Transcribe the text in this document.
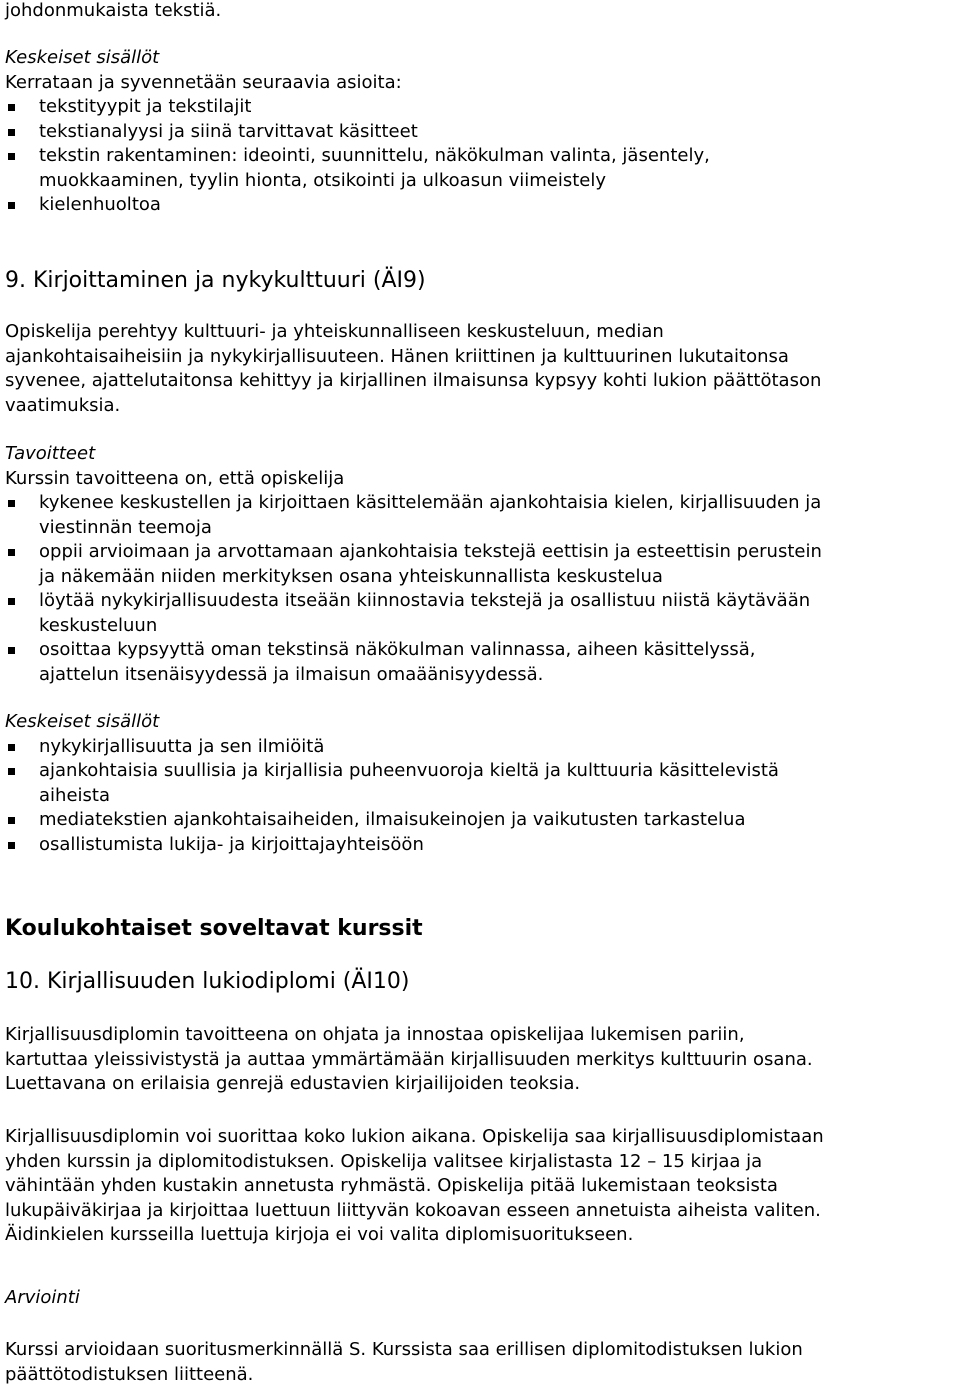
johdonmukaista tekstiä.
Keskeiset sisällöt
Kerrataan ja syvennetään seuraavia asioita:
tekstityypit ja tekstilajit
tekstianalyysi ja siinä tarvittavat käsitteet
tekstin rakentaminen: ideointi, suunnittelu, näkökulman valinta, jäsentely,
muokkaaminen, tyylin hionta, otsikointi ja ulkoasun viimeistely
kielenhuoltoa
9. Kirjoittaminen ja nykykulttuuri (ÄI9)
Opiskelija perehtyy kulttuuri- ja yhteiskunnalliseen keskusteluun, median
ajankohtaisaiheisiin ja nykykirjallisuuteen. Hänen kriittinen ja kulttuurinen lukutaitonsa
syvenee, ajattelutaitonsa kehittyy ja kirjallinen ilmaisunsa kypsyy kohti lukion päättötason
vaatimuksia.
Tavoitteet
Kurssin tavoitteena on, että opiskelija
kykenee keskustellen ja kirjoittaen käsittelemään ajankohtaisia kielen, kirjallisuuden ja
viestinnän teemoja
oppii arvioimaan ja arvottamaan ajankohtaisia tekstejä eettisin ja esteettisin perustein
ja näkemään niiden merkityksen osana yhteiskunnallista keskustelua
löytää nykykirjallisuudesta itseään kiinnostavia tekstejä ja osallistuu niistä käytävään
keskusteluun
osoittaa kypsyyttä oman tekstinsä näkökulman valinnassa, aiheen käsittelyssä,
ajattelun itsenäisyydessä ja ilmaisun omaäänisyydessä.
Keskeiset sisällöt
nykykirjallisuutta ja sen ilmiöitä
ajankohtaisia suullisia ja kirjallisia puheenvuoroja kieltä ja kulttuuria käsittelevistä
aiheista
mediatekstien ajankohtaisaiheiden, ilmaisukeinojen ja vaikutusten tarkastelua
osallistumista lukija- ja kirjoittajayhteisöön
Koulukohtaiset soveltavat kurssit
10. Kirjallisuuden lukiodiplomi (ÄI10)
Kirjallisuusdiplomin tavoitteena on ohjata ja innostaa opiskelijaa lukemisen pariin,
kartuttaa yleissivistystä ja auttaa ymmärtämään kirjallisuuden merkitys kulttuurin osana.
Luettavana on erilaisia genrejä edustavien kirjailijoiden teoksia.
Kirjallisuusdiplomin voi suorittaa koko lukion aikana. Opiskelija saa kirjallisuusdiplomistaan
yhden kurssin ja diplomitodistuksen. Opiskelija valitsee kirjalistasta 12 – 15 kirjaa ja
vähintään yhden kustakin annetusta ryhmästä. Opiskelija pitää lukemistaan teoksista
lukupäiväkirjaa ja kirjoittaa luettuun liittyvän kokoavan esseen annetuista aiheista valiten.
Äidinkielen kursseilla luettuja kirjoja ei voi valita diplomisuoritukseen.
Arviointi
Kurssi arvioidaan suoritusmerkinnällä S. Kurssista saa erillisen diplomitodistuksen lukion
päättötodistuksen liitteenä.
